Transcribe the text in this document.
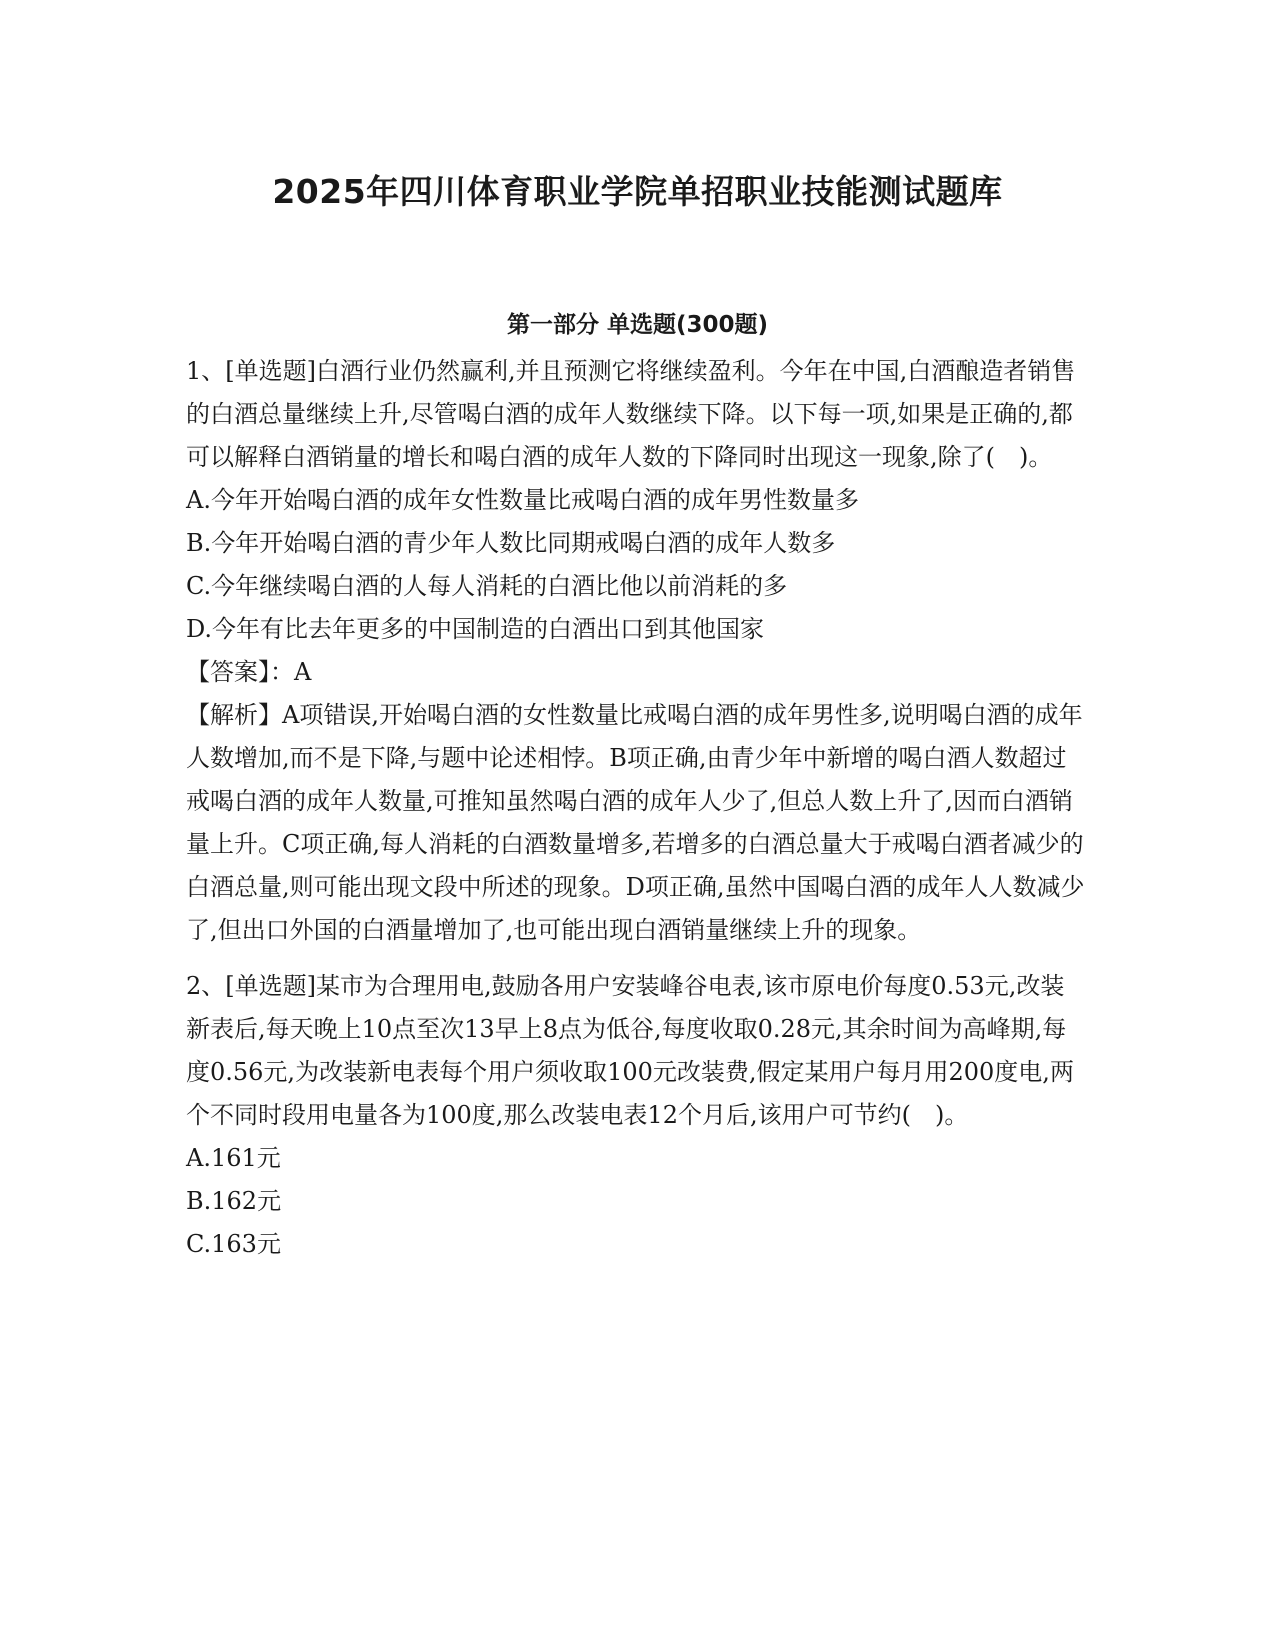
2025年四川体育职业学院单招职业技能测试题库
第一部分 单选题(300题)

1、[单选题]白酒行业仍然赢利,并且预测它将继续盈利。今年在中国,白酒酿造者销售的白酒总量继续上升,尽管喝白酒的成年人数继续下降。以下每一项,如果是正确的,都可以解释白酒销量的增长和喝白酒的成年人数的下降同时出现这一现象,除了(　)。

A.今年开始喝白酒的成年女性数量比戒喝白酒的成年男性数量多

B.今年开始喝白酒的青少年人数比同期戒喝白酒的成年人数多

C.今年继续喝白酒的人每人消耗的白酒比他以前消耗的多

D.今年有比去年更多的中国制造的白酒出口到其他国家

【答案】：A

【解析】A项错误,开始喝白酒的女性数量比戒喝白酒的成年男性多,说明喝白酒的成年人数增加,而不是下降,与题中论述相悖。B项正确,由青少年中新增的喝白酒人数超过戒喝白酒的成年人数量,可推知虽然喝白酒的成年人少了,但总人数上升了,因而白酒销量上升。C项正确,每人消耗的白酒数量增多,若增多的白酒总量大于戒喝白酒者减少的白酒总量,则可能出现文段中所述的现象。D项正确,虽然中国喝白酒的成年人人数减少了,但出口外国的白酒量增加了,也可能出现白酒销量继续上升的现象。

2、[单选题]某市为合理用电,鼓励各用户安装峰谷电表,该市原电价每度0.53元,改装新表后,每天晚上10点至次13早上8点为低谷,每度收取0.28元,其余时间为高峰期,每度0.56元,为改装新电表每个用户须收取100元改装费,假定某用户每月用200度电,两个不同时段用电量各为100度,那么改装电表12个月后,该用户可节约(　)。

A.161元

B.162元

C.163元
